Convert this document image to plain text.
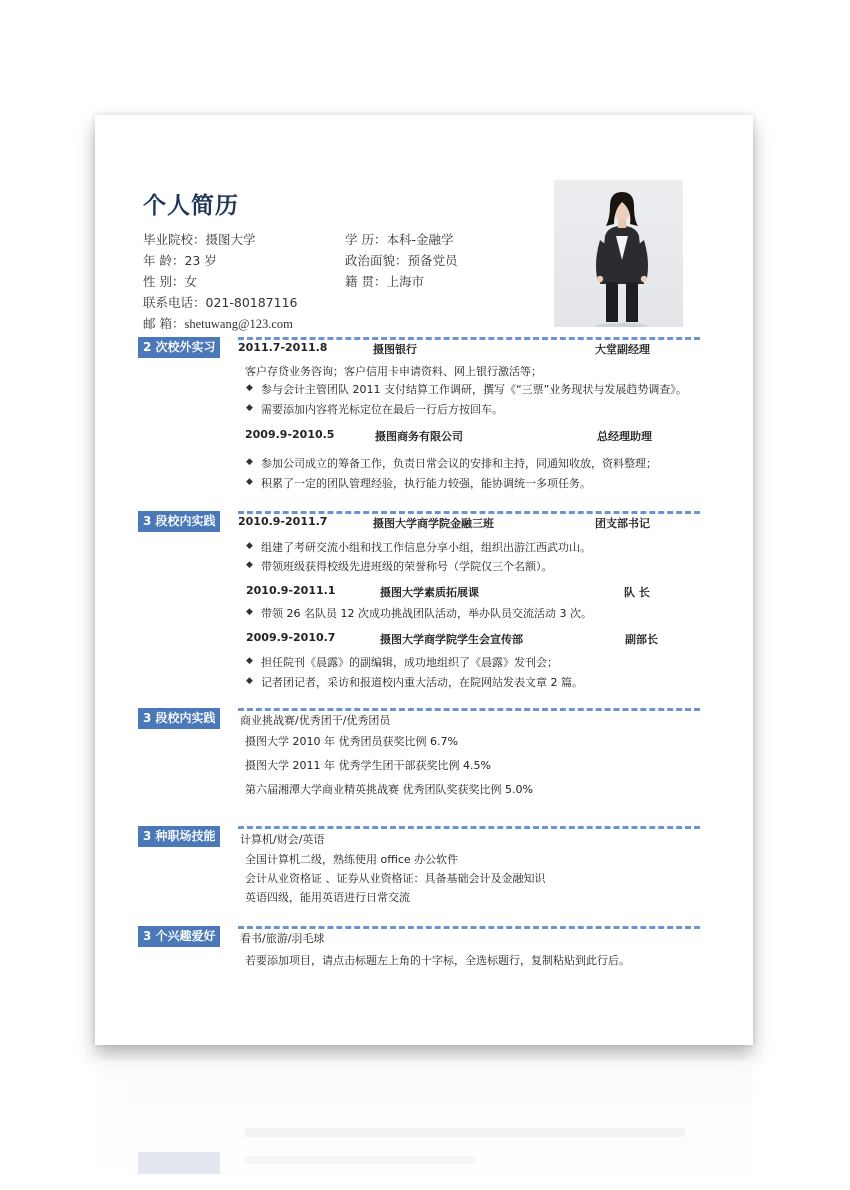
个人简历
毕业院校：摄图大学
年 龄：23 岁
性 别：女
联系电话：021-80187116
邮 箱：shetuwang@123.com
学 历：本科-金融学
政治面貌：预备党员
籍 贯：上海市
2 次校外实习	2011.7-2011.8	摄图银行	大堂副经理
客户存贷业务咨询；客户信用卡申请资料、网上银行激活等；
◆ 参与会计主管团队 2011 支付结算工作调研，撰写《“三票”业务现状与发展趋势调查》。
◆ 需要添加内容将光标定位在最后一行后方按回车。
2009.9-2010.5	摄图商务有限公司	总经理助理
◆ 参加公司成立的筹备工作，负责日常会议的安排和主持，同通知收放，资料整理；
◆ 积累了一定的团队管理经验，执行能力较强，能协调统一多项任务。
3 段校内实践	2010.9-2011.7	摄图大学商学院金融三班	团支部书记
◆ 组建了考研交流小组和找工作信息分享小组，组织出游江西武功山。
◆ 带领班级获得校级先进班级的荣誉称号（学院仅三个名额）。
2010.9-2011.1	摄图大学素质拓展课	队 长
◆ 带领 26 名队员 12 次成功挑战团队活动，举办队员交流活动 3 次。
2009.9-2010.7	摄图大学商学院学生会宣传部	副部长
◆ 担任院刊《晨露》的副编辑，成功地组织了《晨露》发刊会；
◆ 记者团记者，采访和报道校内重大活动，在院网站发表文章 2 篇。
3 段校内实践	商业挑战赛/优秀团干/优秀团员
摄图大学 2010 年 优秀团员获奖比例 6.7%
摄图大学 2011 年 优秀学生团干部获奖比例 4.5%
第六届湘潭大学商业精英挑战赛 优秀团队奖获奖比例 5.0%
3 种职场技能	计算机/财会/英语
全国计算机二级，熟练使用 office 办公软件
会计从业资格证 、证券从业资格证：具备基础会计及金融知识
英语四级，能用英语进行日常交流
3 个兴趣爱好	看书/旅游/羽毛球
若要添加项目，请点击标题左上角的十字标，全选标题行，复制粘贴到此行后。
